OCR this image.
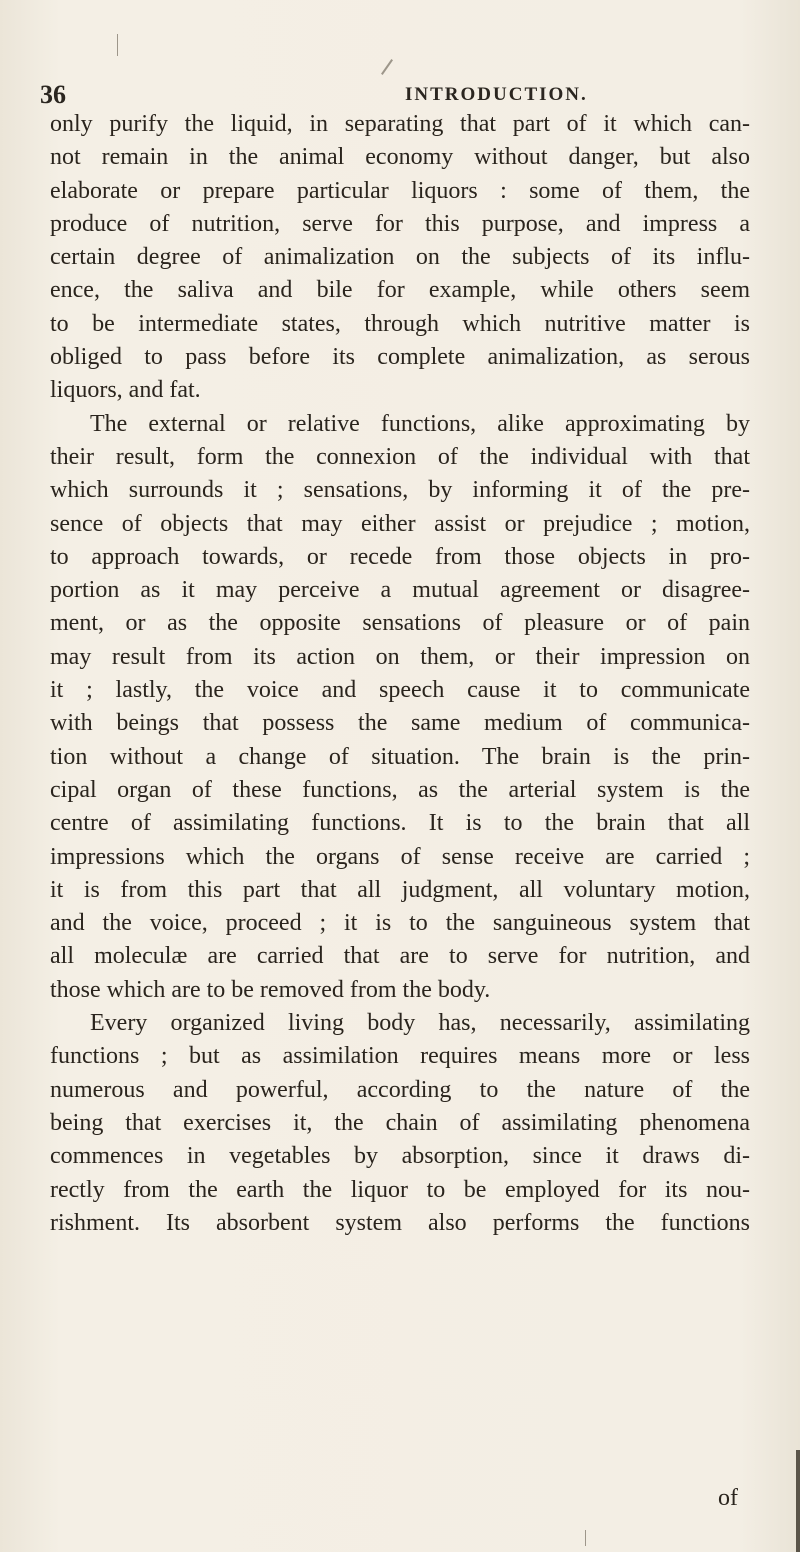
36	INTRODUCTION.
only purify the liquid, in separating that part of it which can-
not remain in the animal economy without danger, but also
elaborate or prepare particular liquors : some of them, the
produce of nutrition, serve for this purpose, and impress a
certain degree of animalization on the subjects of its influ-
ence, the saliva and bile for example, while others seem
to be intermediate states, through which nutritive matter is
obliged to pass before its complete animalization, as serous
liquors, and fat.
The external or relative functions, alike approximating by
their result, form the connexion of the individual with that
which surrounds it ; sensations, by informing it of the pre-
sence of objects that may either assist or prejudice ; motion,
to approach towards, or recede from those objects in pro-
portion as it may perceive a mutual agreement or disagree-
ment, or as the opposite sensations of pleasure or of pain
may result from its action on them, or their impression on
it ; lastly, the voice and speech cause it to communicate
with beings that possess the same medium of communica-
tion without a change of situation. The brain is the prin-
cipal organ of these functions, as the arterial system is the
centre of assimilating functions. It is to the brain that all
impressions which the organs of sense receive are carried ;
it is from this part that all judgment, all voluntary motion,
and the voice, proceed ; it is to the sanguineous system that
all moleculæ are carried that are to serve for nutrition, and
those which are to be removed from the body.
Every organized living body has, necessarily, assimilating
functions ; but as assimilation requires means more or less
numerous and powerful, according to the nature of the
being that exercises it, the chain of assimilating phenomena
commences in vegetables by absorption, since it draws di-
rectly from the earth the liquor to be employed for its nou-
rishment. Its absorbent system also performs the functions
of
